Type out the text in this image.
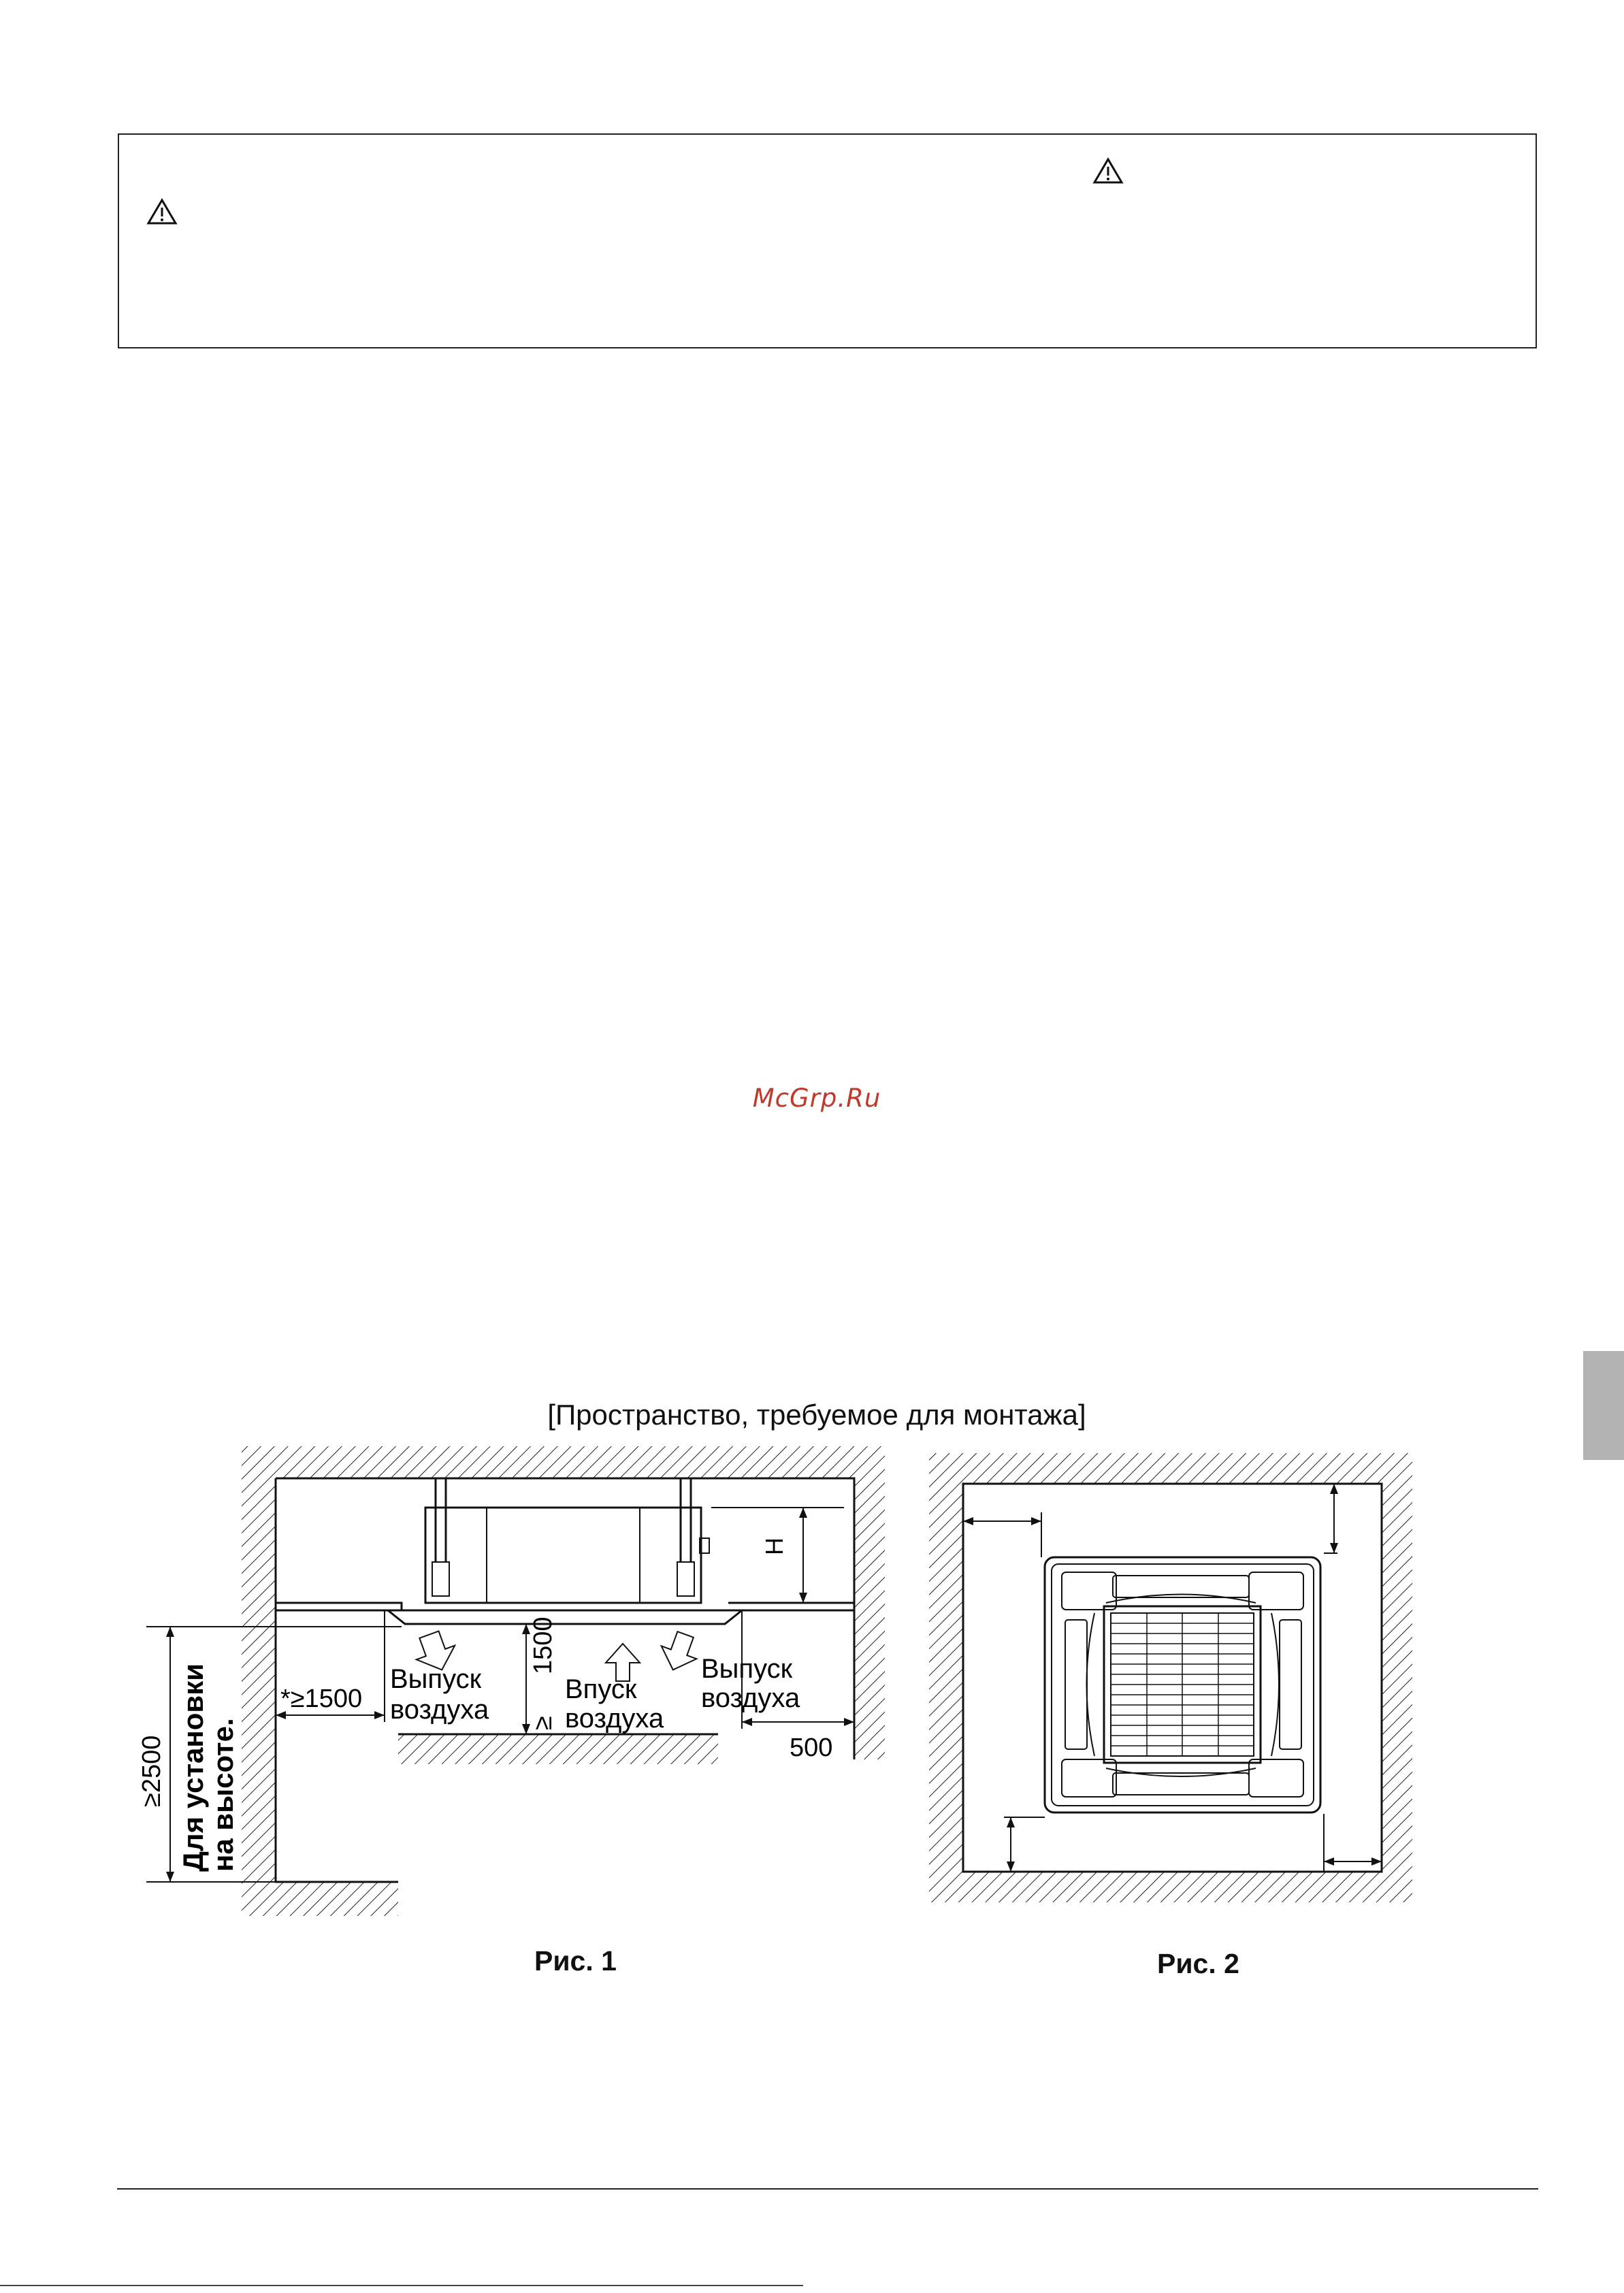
McGrp.Ru
[Пространство, требуемое для монтажа]
H
Выпуск
воздуха
Впуск
воздуха
Выпуск
воздуха
*≥1500
1500
≥
500
≥2500 Для установки
на высоте.
Рис. 1	Рис. 2
